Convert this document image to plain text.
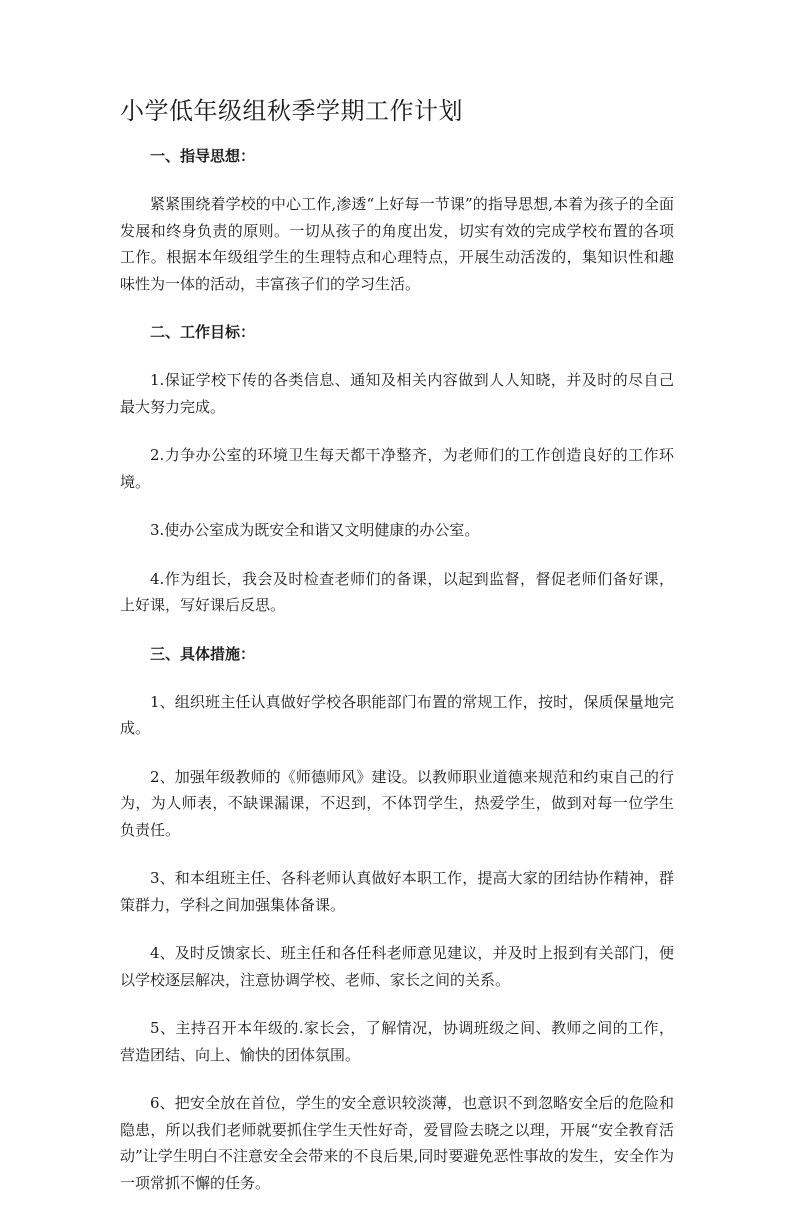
小学低年级组秋季学期工作计划

一、指导思想：

紧紧围绕着学校的中心工作,渗透“上好每一节课”的指导思想,本着为孩子的全面发展和终身负责的原则。一切从孩子的角度出发，切实有效的完成学校布置的各项工作。根据本年级组学生的生理特点和心理特点，开展生动活泼的，集知识性和趣味性为一体的活动，丰富孩子们的学习生活。

二、工作目标：

1.保证学校下传的各类信息、通知及相关内容做到人人知晓，并及时的尽自己最大努力完成。

2.力争办公室的环境卫生每天都干净整齐，为老师们的工作创造良好的工作环境。

3.使办公室成为既安全和谐又文明健康的办公室。

4.作为组长，我会及时检查老师们的备课，以起到监督，督促老师们备好课，上好课，写好课后反思。

三、具体措施：

1、组织班主任认真做好学校各职能部门布置的常规工作，按时，保质保量地完成。

2、加强年级教师的《师德师风》建设。以教师职业道德来规范和约束自己的行为，为人师表，不缺课漏课，不迟到，不体罚学生，热爱学生，做到对每一位学生负责任。

3、和本组班主任、各科老师认真做好本职工作，提高大家的团结协作精神，群策群力，学科之间加强集体备课。

4、及时反馈家长、班主任和各任科老师意见建议，并及时上报到有关部门，便以学校逐层解决，注意协调学校、老师、家长之间的关系。

5、主持召开本年级的.家长会，了解情况，协调班级之间、教师之间的工作，营造团结、向上、愉快的团体氛围。

6、把安全放在首位，学生的安全意识较淡薄，也意识不到忽略安全后的危险和隐患，所以我们老师就要抓住学生天性好奇，爱冒险去晓之以理，开展“安全教育活动”让学生明白不注意安全会带来的不良后果,同时要避免恶性事故的发生，安全作为一项常抓不懈的任务。
